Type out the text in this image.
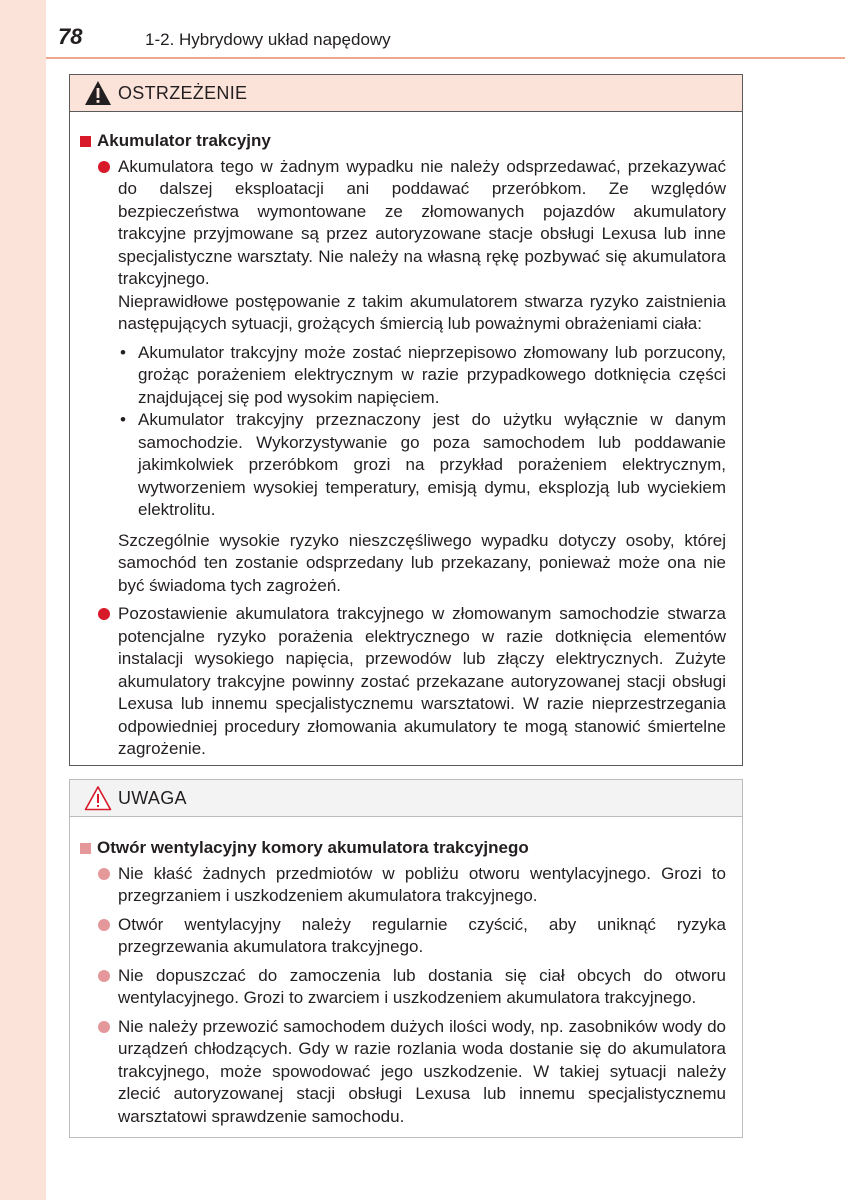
78	1-2. Hybrydowy układ napędowy
OSTRZEŻENIE
Akumulator trakcyjny

Akumulatora tego w żadnym wypadku nie należy odsprzedawać, przekazywać do dalszej eksploatacji ani poddawać przeróbkom. Ze względów bezpieczeństwa wymontowane ze złomowanych pojazdów akumulatory trakcyjne przyjmowane są przez autoryzowane stacje obsługi Lexusa lub inne specjalistyczne warsztaty. Nie należy na własną rękę pozbywać się akumulatora trakcyjnego.

Nieprawidłowe postępowanie z takim akumulatorem stwarza ryzyko zaistnienia następujących sytuacji, grożących śmiercią lub poważnymi obrażeniami ciała:

• Akumulator trakcyjny może zostać nieprzepisowo złomowany lub porzucony, grożąc porażeniem elektrycznym w razie przypadkowego dotknięcia części znajdującej się pod wysokim napięciem.
• Akumulator trakcyjny przeznaczony jest do użytku wyłącznie w danym samochodzie. Wykorzystywanie go poza samochodem lub poddawanie jakimkolwiek przeróbkom grozi na przykład porażeniem elektrycznym, wytworzeniem wysokiej temperatury, emisją dymu, eksplozją lub wyciekiem elektrolitu.

Szczególnie wysokie ryzyko nieszczęśliwego wypadku dotyczy osoby, której samochód ten zostanie odsprzedany lub przekazany, ponieważ może ona nie być świadoma tych zagrożeń.

Pozostawienie akumulatora trakcyjnego w złomowanym samochodzie stwarza potencjalne ryzyko porażenia elektrycznego w razie dotknięcia elementów instalacji wysokiego napięcia, przewodów lub złączy elektrycznych. Zużyte akumulatory trakcyjne powinny zostać przekazane autoryzowanej stacji obsługi Lexusa lub innemu specjalistycznemu warsztatowi. W razie nieprzestrzegania odpowiedniej procedury złomowania akumulatory te mogą stanowić śmiertelne zagrożenie.

UWAGA
Otwór wentylacyjny komory akumulatora trakcyjnego

Nie kłaść żadnych przedmiotów w pobliżu otworu wentylacyjnego. Grozi to przegrzaniem i uszkodzeniem akumulatora trakcyjnego.

Otwór wentylacyjny należy regularnie czyścić, aby uniknąć ryzyka przegrzewania akumulatora trakcyjnego.

Nie dopuszczać do zamoczenia lub dostania się ciał obcych do otworu wentylacyjnego. Grozi to zwarciem i uszkodzeniem akumulatora trakcyjnego.

Nie należy przewozić samochodem dużych ilości wody, np. zasobników wody do urządzeń chłodzących. Gdy w razie rozlania woda dostanie się do akumulatora trakcyjnego, może spowodować jego uszkodzenie. W takiej sytuacji należy zlecić autoryzowanej stacji obsługi Lexusa lub innemu specjalistycznemu warsztatowi sprawdzenie samochodu.
